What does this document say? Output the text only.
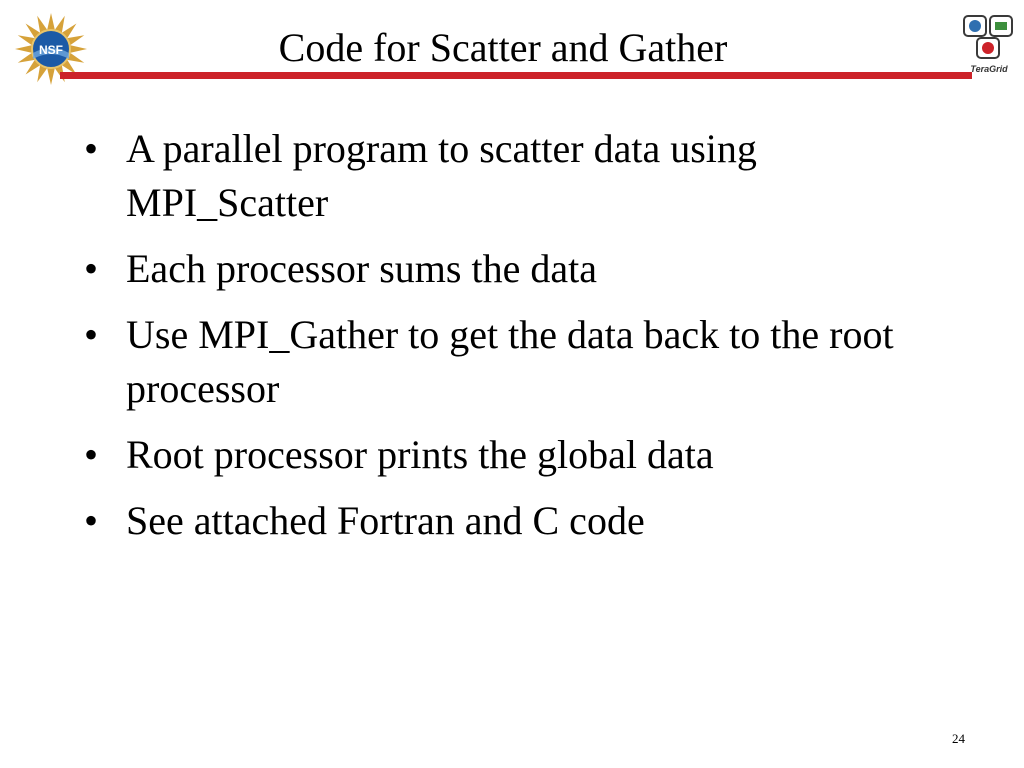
NSF	Code for Scatter and Gather	TeraGrid
• A parallel program to scatter data using MPI_Scatter
• Each processor sums the data
• Use MPI_Gather to get the data back to the root processor
• Root processor prints the global data
• See attached Fortran and C code
24
